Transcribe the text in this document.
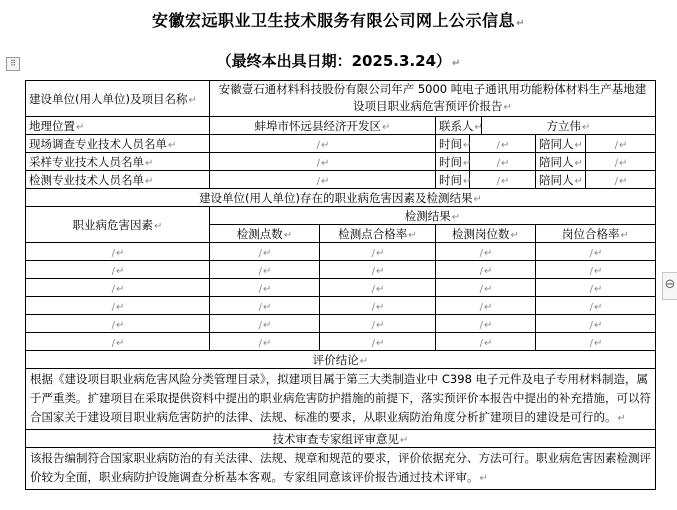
安徽宏远职业卫生技术服务有限公司网上公示信息↵
（最终本出具日期：2025.3.24）↵
⠿
⊖
建设单位(用人单位)及项目名称↵	安徽壹石通材料科技股份有限公司年产 5000 吨电子通讯用功能粉体材料生产基地建设项目职业病危害预评价报告↵						
地理位置↵	蚌埠市怀远县经济开发区↵		联系人↵		方立伟↵		
现场调查专业技术人员名单↵	/↵		时间↵	/↵		陪同人↵	/↵
采样专业技术人员名单↵	/↵		时间↵	/↵		陪同人↵	/↵
检测专业技术人员名单↵	/↵		时间↵	/↵		陪同人↵	/↵
建设单位(用人单位)存在的职业病危害因素及检测结果↵							
职业病危害因素↵	检测结果↵						
	检测点数↵	检测点合格率↵	检测岗位数↵			岗位合格率↵	
/↵	/↵	/↵	/↵			/↵	
/↵	/↵	/↵	/↵			/↵	
/↵	/↵	/↵	/↵			/↵	
/↵	/↵	/↵	/↵			/↵	
/↵	/↵	/↵	/↵			/↵	
/↵	/↵	/↵	/↵			/↵	
评价结论↵							
根据《建设项目职业病危害风险分类管理目录》，拟建项目属于第三大类制造业中 C398 电子元件及电子专用材料制造，属于严重类。扩建项目在采取提供资料中提出的职业病危害防护措施的前提下，落实预评价本报告中提出的补充措施，可以符合国家关于建设项目职业病危害防护的法律、法规、标准的要求，从职业病防治角度分析扩建项目的建设是可行的。↵							
技术审查专家组评审意见↵							
该报告编制符合国家职业病防治的有关法律、法规、规章和规范的要求，评价依据充分、方法可行。职业病危害因素检测评价较为全面，职业病防护设施调查分析基本客观。专家组同意该评价报告通过技术评审。↵							
